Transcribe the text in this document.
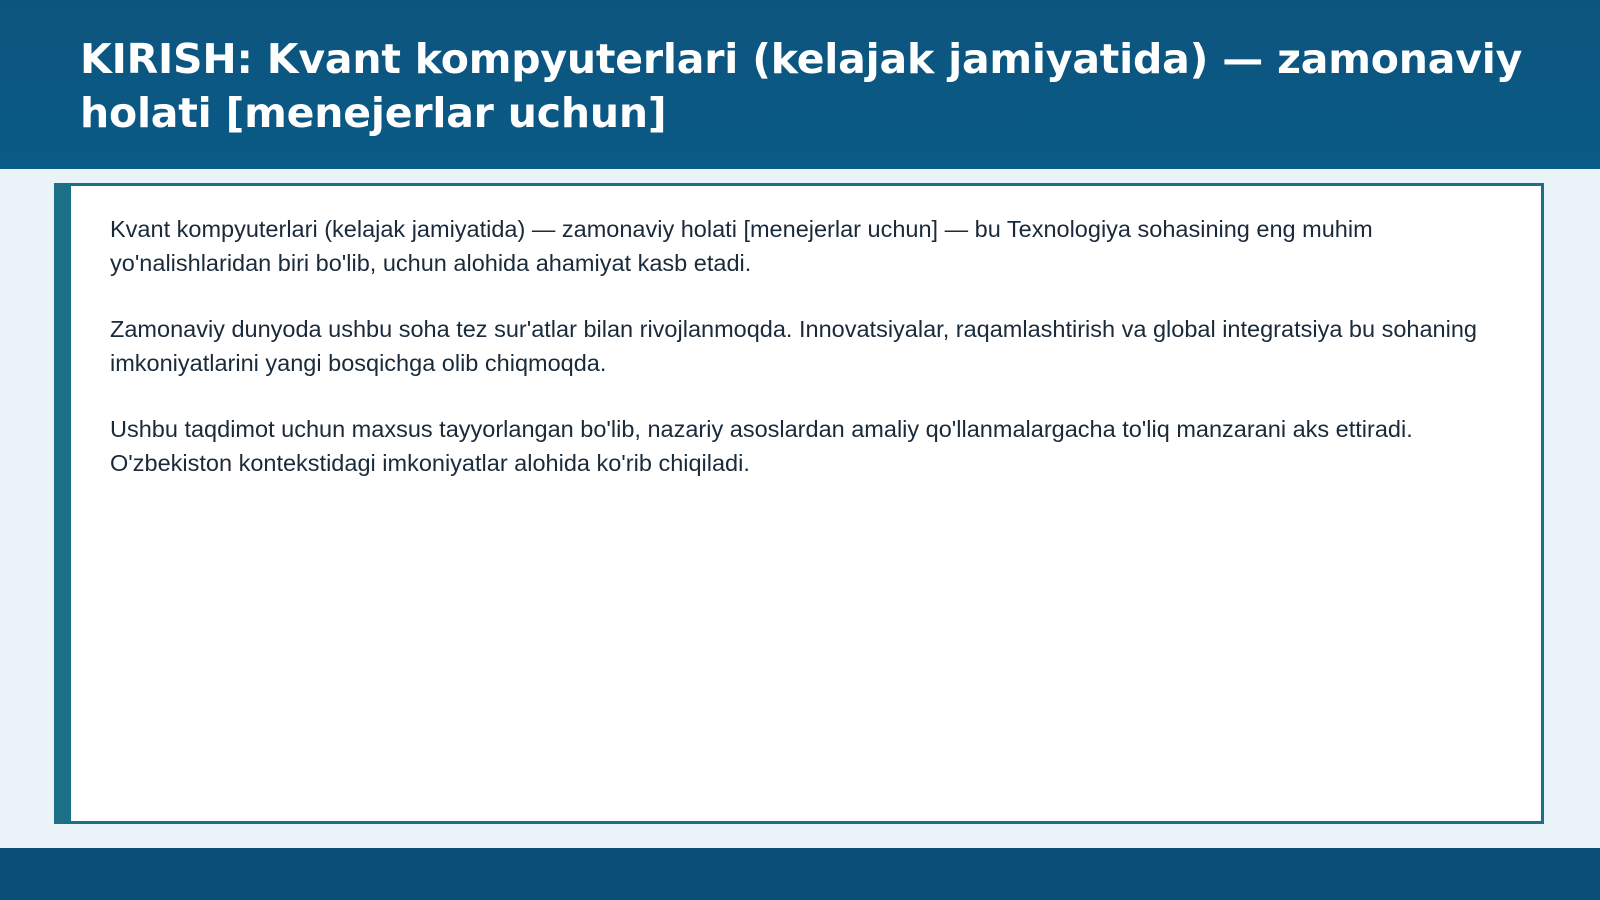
KIRISH: Kvant kompyuterlari (kelajak jamiyatida) — zamonaviy holati [menejerlar uchun]

Kvant kompyuterlari (kelajak jamiyatida) — zamonaviy holati [menejerlar uchun] — bu Texnologiya sohasining eng muhim yo'nalishlaridan biri bo'lib, uchun alohida ahamiyat kasb etadi.

Zamonaviy dunyoda ushbu soha tez sur'atlar bilan rivojlanmoqda. Innovatsiyalar, raqamlashtirish va global integratsiya bu sohaning imkoniyatlarini yangi bosqichga olib chiqmoqda.

Ushbu taqdimot uchun maxsus tayyorlangan bo'lib, nazariy asoslardan amaliy qo'llanmalargacha to'liq manzarani aks ettiradi. O'zbekiston kontekstidagi imkoniyatlar alohida ko'rib chiqiladi.
